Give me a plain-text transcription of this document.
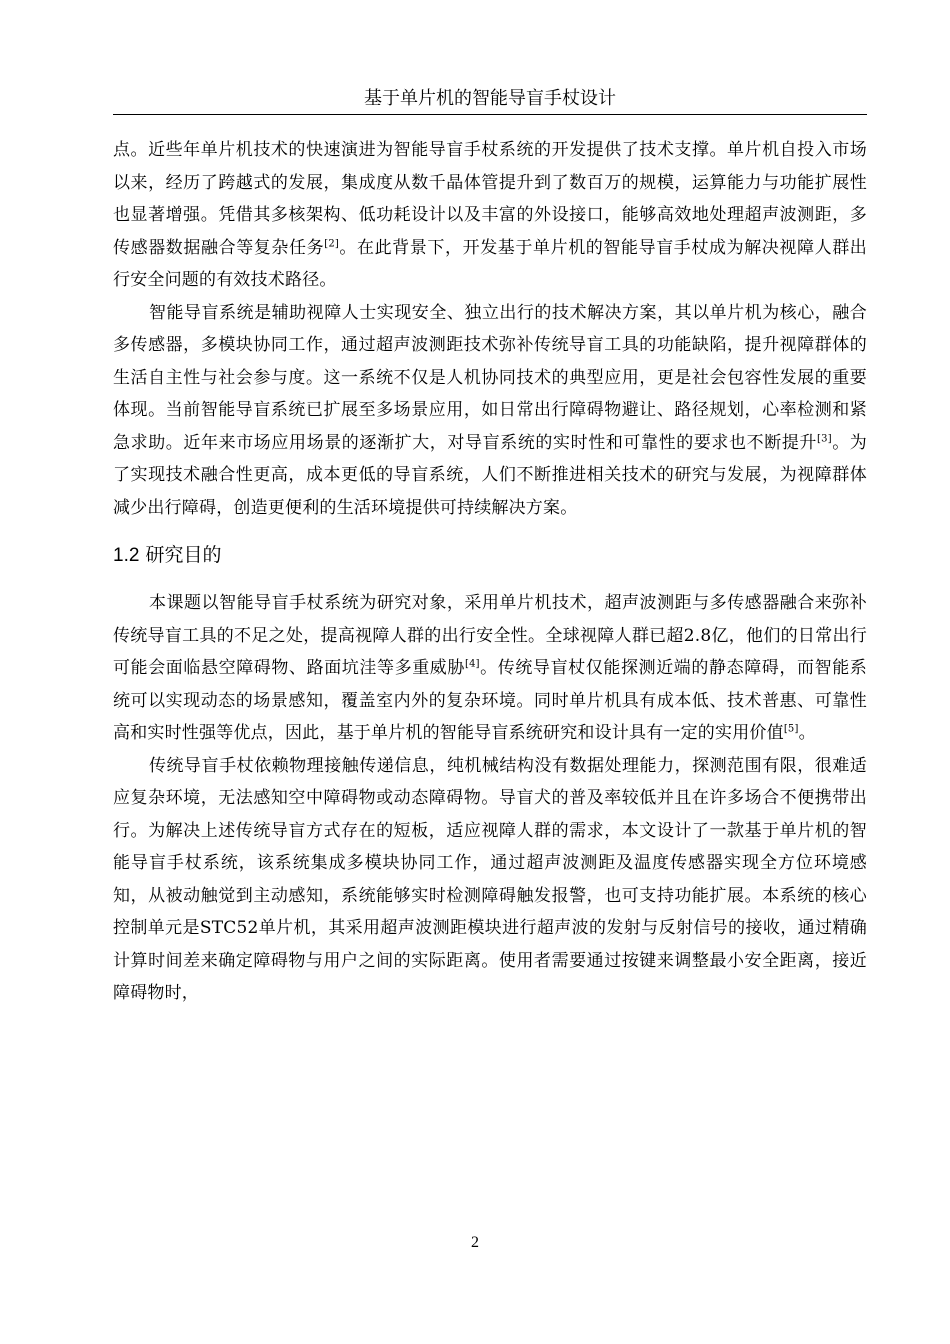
基于单片机的智能导盲手杖设计

点。近些年单片机技术的快速演进为智能导盲手杖系统的开发提供了技术支撑。单片机自投入市场以来，经历了跨越式的发展，集成度从数千晶体管提升到了数百万的规模，运算能力与功能扩展性也显著增强。凭借其多核架构、低功耗设计以及丰富的外设接口，能够高效地处理超声波测距，多传感器数据融合等复杂任务[2]。在此背景下，开发基于单片机的智能导盲手杖成为解决视障人群出行安全问题的有效技术路径。

智能导盲系统是辅助视障人士实现安全、独立出行的技术解决方案，其以单片机为核心，融合多传感器，多模块协同工作，通过超声波测距技术弥补传统导盲工具的功能缺陷，提升视障群体的生活自主性与社会参与度。这一系统不仅是人机协同技术的典型应用，更是社会包容性发展的重要体现。当前智能导盲系统已扩展至多场景应用，如日常出行障碍物避让、路径规划，心率检测和紧急求助。近年来市场应用场景的逐渐扩大，对导盲系统的实时性和可靠性的要求也不断提升[3]。为了实现技术融合性更高，成本更低的导盲系统，人们不断推进相关技术的研究与发展，为视障群体减少出行障碍，创造更便利的生活环境提供可持续解决方案。

1.2 研究目的

本课题以智能导盲手杖系统为研究对象，采用单片机技术，超声波测距与多传感器融合来弥补传统导盲工具的不足之处，提高视障人群的出行安全性。全球视障人群已超2.8亿，他们的日常出行可能会面临悬空障碍物、路面坑洼等多重威胁[4]。传统导盲杖仅能探测近端的静态障碍，而智能系统可以实现动态的场景感知，覆盖室内外的复杂环境。同时单片机具有成本低、技术普惠、可靠性高和实时性强等优点，因此，基于单片机的智能导盲系统研究和设计具有一定的实用价值[5]。

传统导盲手杖依赖物理接触传递信息，纯机械结构没有数据处理能力，探测范围有限，很难适应复杂环境，无法感知空中障碍物或动态障碍物。导盲犬的普及率较低并且在许多场合不便携带出行。为解决上述传统导盲方式存在的短板，适应视障人群的需求，本文设计了一款基于单片机的智能导盲手杖系统，该系统集成多模块协同工作，通过超声波测距及温度传感器实现全方位环境感知，从被动触觉到主动感知，系统能够实时检测障碍触发报警，也可支持功能扩展。本系统的核心控制单元是STC52单片机，其采用超声波测距模块进行超声波的发射与反射信号的接收，通过精确计算时间差来确定障碍物与用户之间的实际距离。使用者需要通过按键来调整最小安全距离，接近障碍物时，

2
